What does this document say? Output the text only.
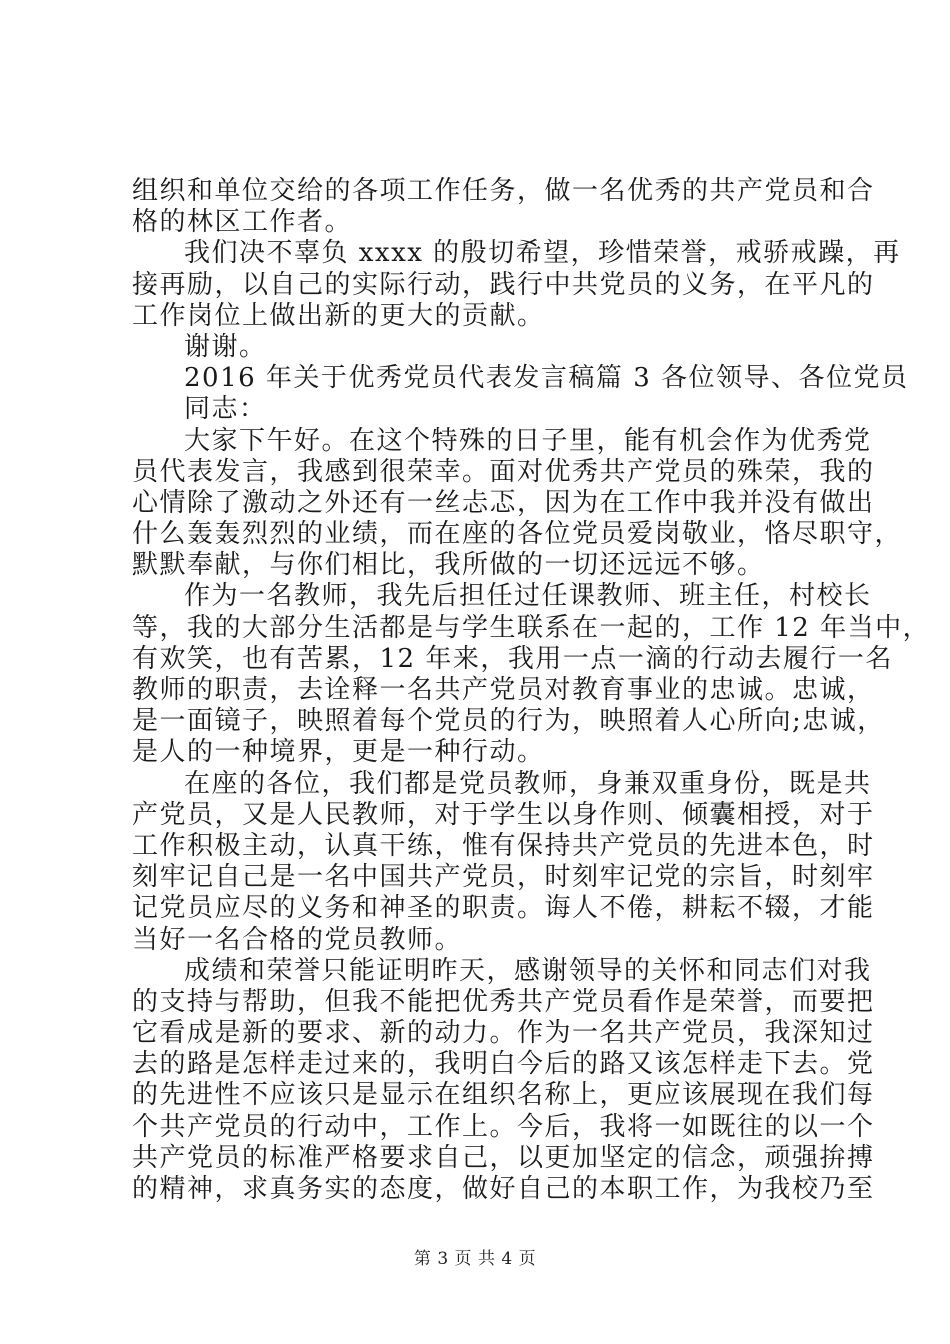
组织和单位交给的各项工作任务，做一名优秀的共产党员和合
格的林区工作者。
我们决不辜负 xxxx 的殷切希望，珍惜荣誉，戒骄戒躁，再
接再励，以自己的实际行动，践行中共党员的义务，在平凡的
工作岗位上做出新的更大的贡献。
谢谢。
2016 年关于优秀党员代表发言稿篇 3 各位领导、各位党员
同志：
大家下午好。在这个特殊的日子里，能有机会作为优秀党
员代表发言，我感到很荣幸。面对优秀共产党员的殊荣，我的
心情除了激动之外还有一丝忐忑，因为在工作中我并没有做出
什么轰轰烈烈的业绩，而在座的各位党员爱岗敬业，恪尽职守，
默默奉献，与你们相比，我所做的一切还远远不够。
作为一名教师，我先后担任过任课教师、班主任，村校长
等，我的大部分生活都是与学生联系在一起的，工作 12 年当中，
有欢笑，也有苦累，12 年来，我用一点一滴的行动去履行一名
教师的职责，去诠释一名共产党员对教育事业的忠诚。忠诚，
是一面镜子，映照着每个党员的行为，映照着人心所向;忠诚，
是人的一种境界，更是一种行动。
在座的各位，我们都是党员教师，身兼双重身份，既是共
产党员，又是人民教师，对于学生以身作则、倾囊相授，对于
工作积极主动，认真干练，惟有保持共产党员的先进本色，时
刻牢记自己是一名中国共产党员，时刻牢记党的宗旨，时刻牢
记党员应尽的义务和神圣的职责。诲人不倦，耕耘不辍，才能
当好一名合格的党员教师。
成绩和荣誉只能证明昨天，感谢领导的关怀和同志们对我
的支持与帮助，但我不能把优秀共产党员看作是荣誉，而要把
它看成是新的要求、新的动力。作为一名共产党员，我深知过
去的路是怎样走过来的，我明白今后的路又该怎样走下去。党
的先进性不应该只是显示在组织名称上，更应该展现在我们每
个共产党员的行动中，工作上。今后，我将一如既往的以一个
共产党员的标准严格要求自己，以更加坚定的信念，顽强拚搏
的精神，求真务实的态度，做好自己的本职工作，为我校乃至
第 3 页 共 4 页
